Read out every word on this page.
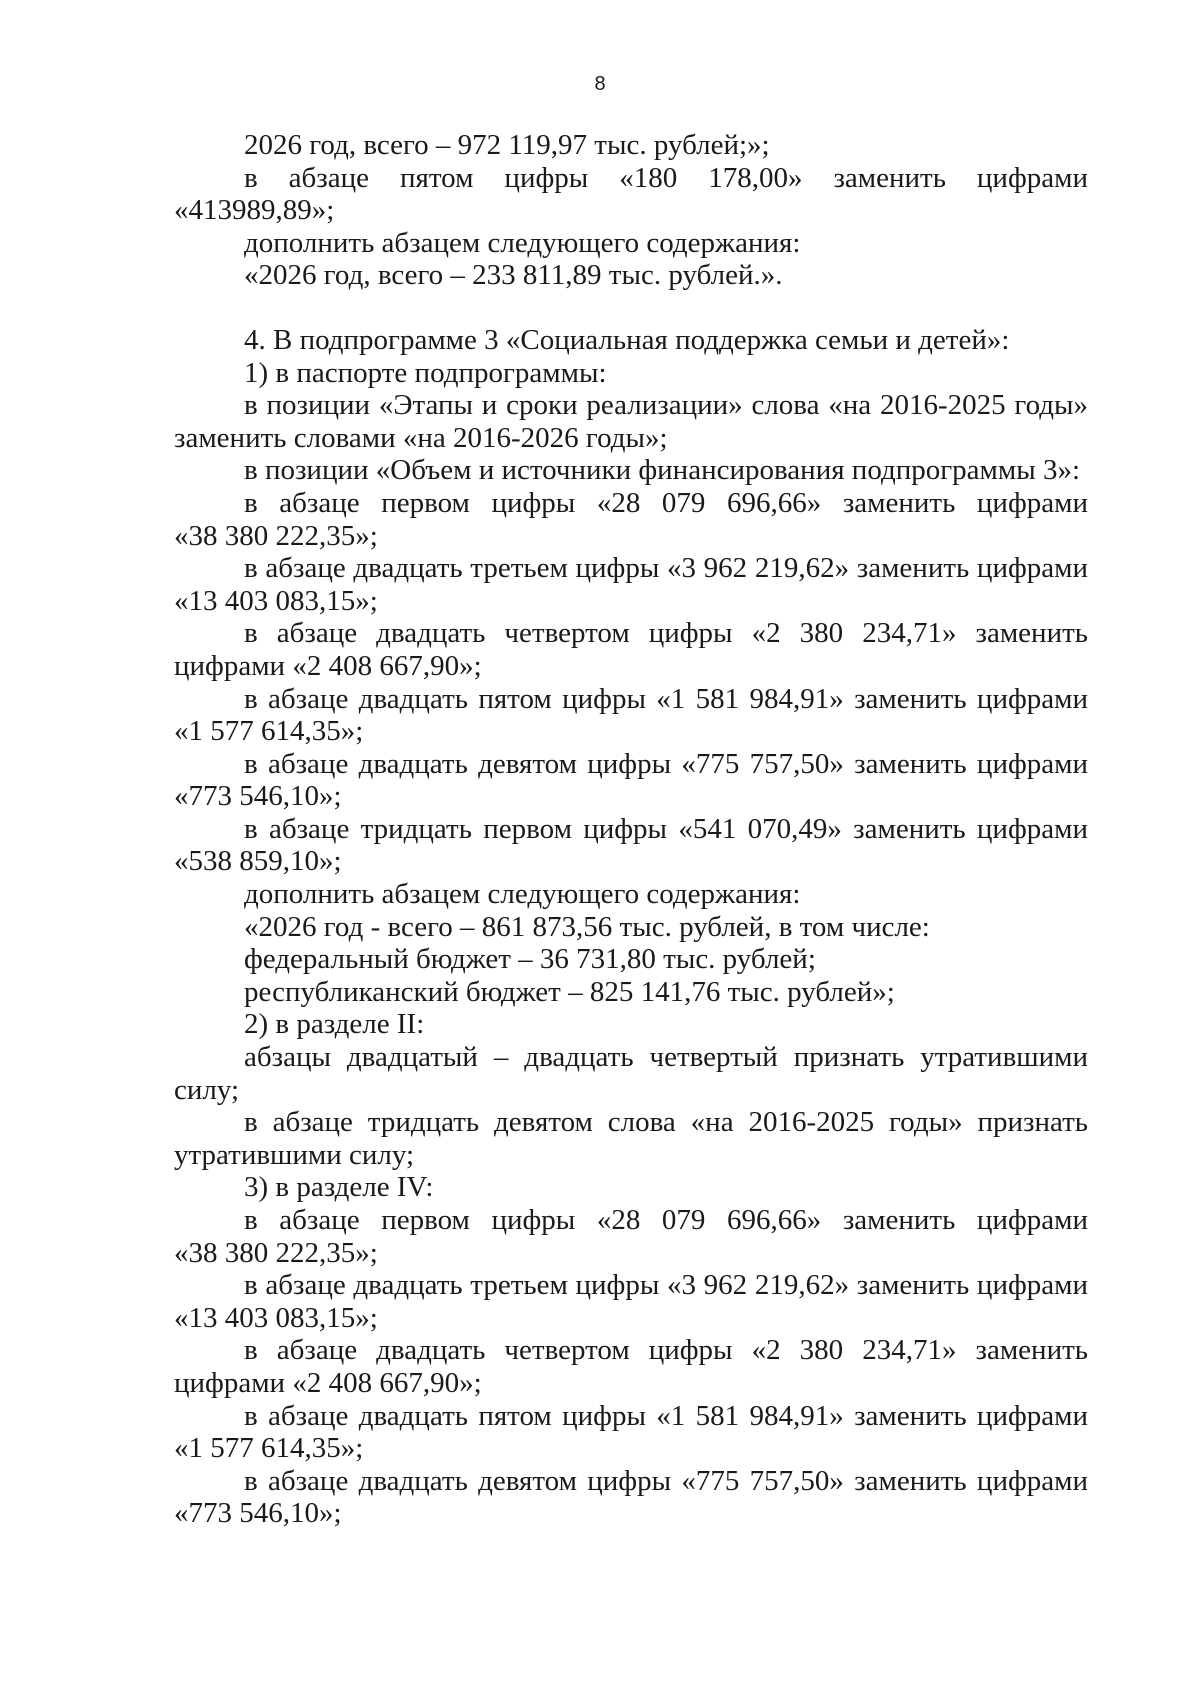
8
2026 год, всего – 972 119,97 тыс. рублей;»;
в абзаце пятом цифры «180 178,00» заменить цифрами
«413989,89»;
дополнить абзацем следующего содержания:
«2026 год, всего – 233 811,89 тыс. рублей.».
4. В подпрограмме 3 «Социальная поддержка семьи и детей»:
1) в паспорте подпрограммы:
в позиции «Этапы и сроки реализации» слова «на 2016-2025 годы»
заменить словами «на 2016-2026 годы»;
в позиции «Объем и источники финансирования подпрограммы 3»:
в абзаце первом цифры «28 079 696,66» заменить цифрами
«38 380 222,35»;
в абзаце двадцать третьем цифры «3 962 219,62» заменить цифрами
«13 403 083,15»;
в абзаце двадцать четвертом цифры «2 380 234,71» заменить
цифрами «2 408 667,90»;
в абзаце двадцать пятом цифры «1 581 984,91» заменить цифрами
«1 577 614,35»;
в абзаце двадцать девятом цифры «775 757,50» заменить цифрами
«773 546,10»;
в абзаце тридцать первом цифры «541 070,49» заменить цифрами
«538 859,10»;
дополнить абзацем следующего содержания:
«2026 год - всего – 861 873,56 тыс. рублей, в том числе:
федеральный бюджет – 36 731,80 тыс. рублей;
республиканский бюджет – 825 141,76 тыс. рублей»;
2) в разделе II:
абзацы двадцатый – двадцать четвертый признать утратившими
силу;
в абзаце тридцать девятом слова «на 2016-2025 годы» признать
утратившими силу;
3) в разделе IV:
в абзаце первом цифры «28 079 696,66» заменить цифрами
«38 380 222,35»;
в абзаце двадцать третьем цифры «3 962 219,62» заменить цифрами
«13 403 083,15»;
в абзаце двадцать четвертом цифры «2 380 234,71» заменить
цифрами «2 408 667,90»;
в абзаце двадцать пятом цифры «1 581 984,91» заменить цифрами
«1 577 614,35»;
в абзаце двадцать девятом цифры «775 757,50» заменить цифрами
«773 546,10»;
